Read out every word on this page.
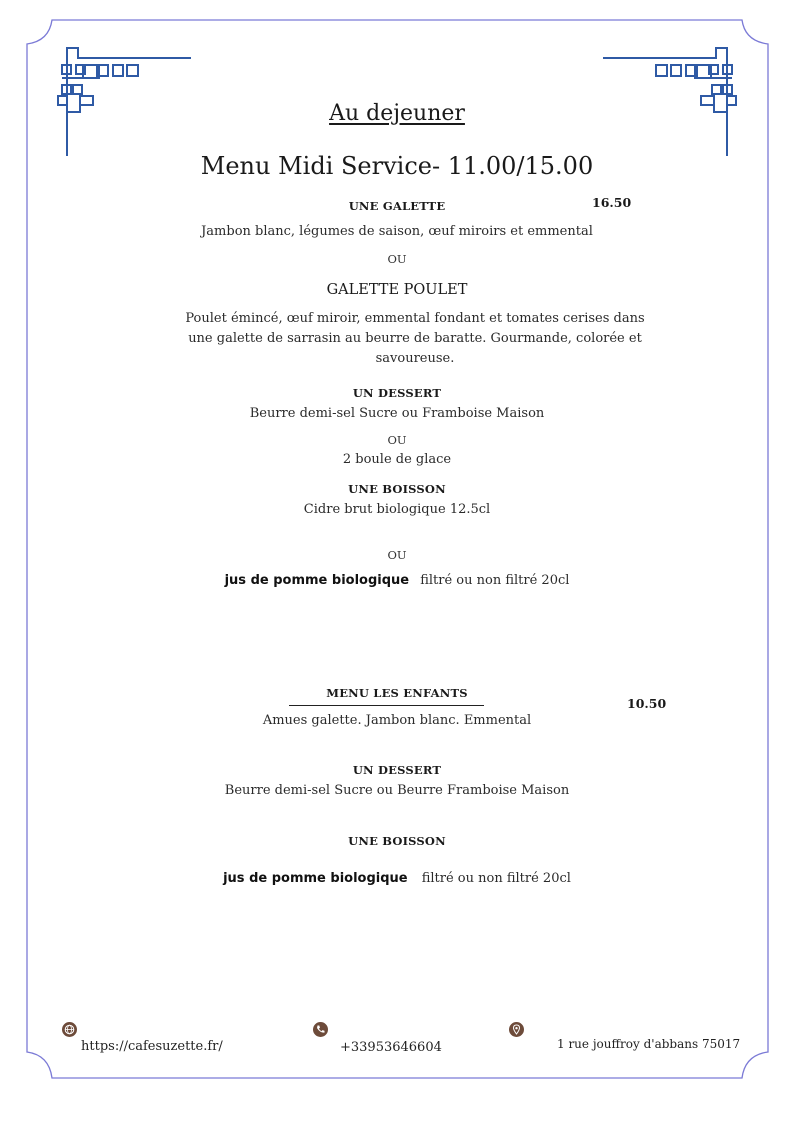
Au dejeuner
Menu Midi Service- 11.00/15.00
UNE GALETTE	16.50
Jambon blanc, légumes de saison, œuf miroirs et emmental
OU
GALETTE POULET
Poulet émincé, œuf miroir, emmental fondant et tomates cerises dans une galette de sarrasin au beurre de baratte. Gourmande, colorée et savoureuse.
UN DESSERT
Beurre demi-sel Sucre ou Framboise Maison
OU
2 boule de glace
UNE BOISSON
Cidre brut biologique 12.5cl
OU
jus de pomme biologique filtré ou non filtré 20cl
MENU LES ENFANTS
10.50
Amues galette. Jambon blanc. Emmental
UN DESSERT
Beurre demi-sel Sucre ou Beurre Framboise Maison
UNE BOISSON
jus de pomme biologique filtré ou non filtré 20cl
https://cafesuzette.fr/	+33953646604	1 rue jouffroy d'abbans 75017
